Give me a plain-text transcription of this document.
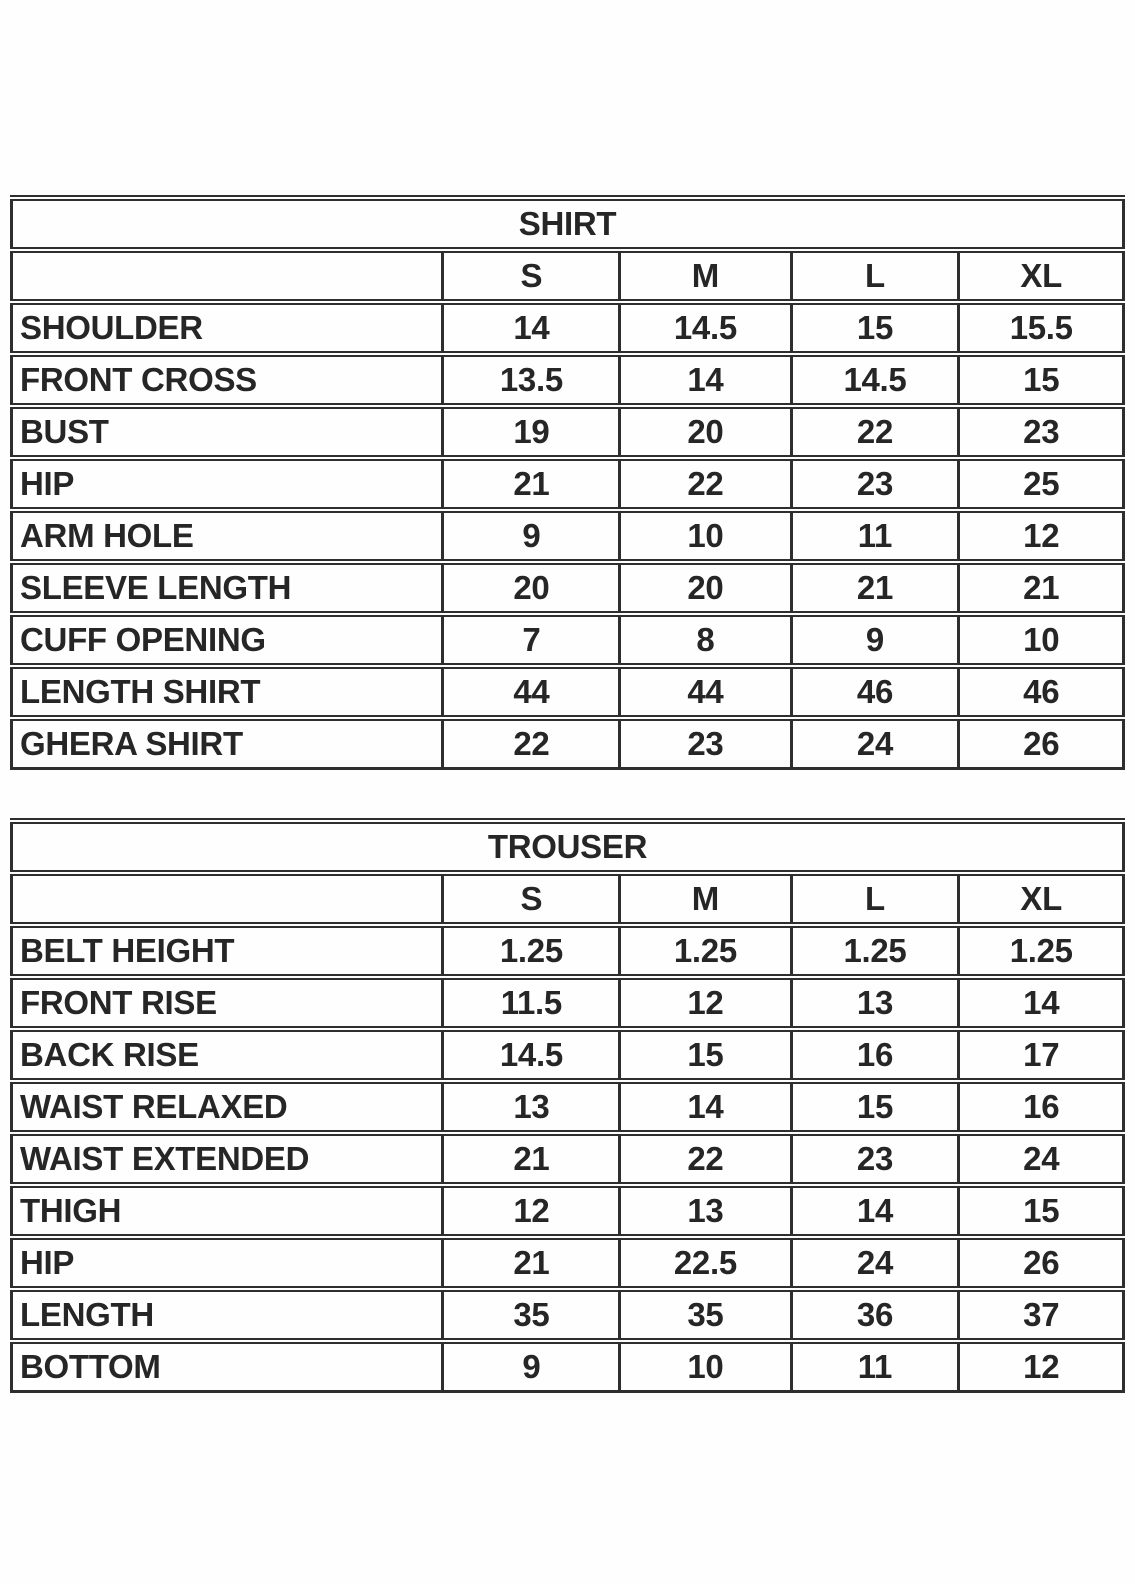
SHIRT				
	S	M	L	XL
SHOULDER	14	14.5	15	15.5
FRONT CROSS	13.5	14	14.5	15
BUST	19	20	22	23
HIP	21	22	23	25
ARM HOLE	9	10	11	12
SLEEVE LENGTH	20	20	21	21
CUFF OPENING	7	8	9	10
LENGTH SHIRT	44	44	46	46
GHERA SHIRT	22	23	24	26
TROUSER				
	S	M	L	XL
BELT HEIGHT	1.25	1.25	1.25	1.25
FRONT RISE	11.5	12	13	14
BACK RISE	14.5	15	16	17
WAIST RELAXED	13	14	15	16
WAIST EXTENDED	21	22	23	24
THIGH	12	13	14	15
HIP	21	22.5	24	26
LENGTH	35	35	36	37
BOTTOM	9	10	11	12
